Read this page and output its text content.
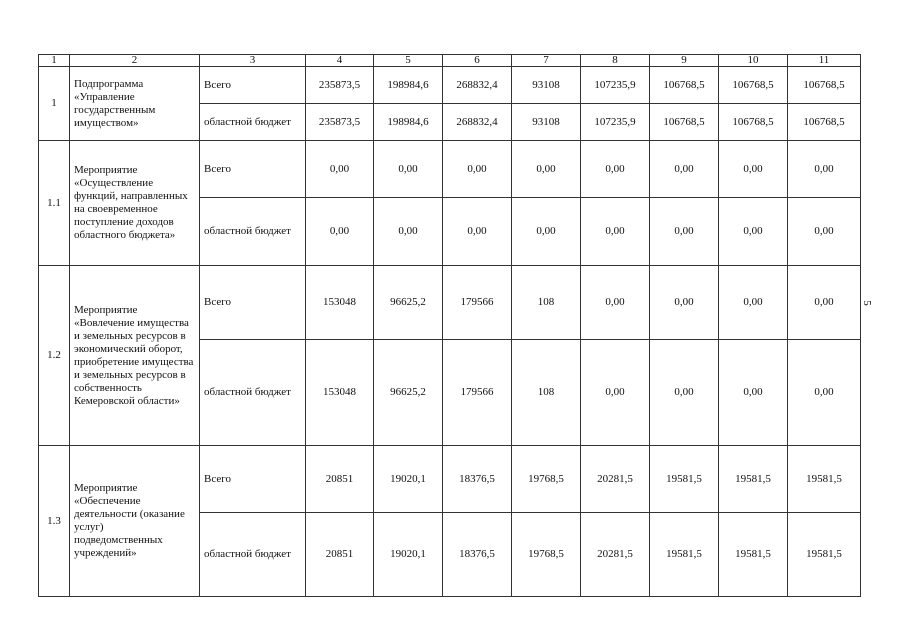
1	2	3	4	5	6	7	8	9	10	11
1	Подпрограмма «Управление государственным имуществом»	Всего	235873,5	198984,6	268832,4	93108	107235,9	106768,5	106768,5	106768,5
		областной бюджет	235873,5	198984,6	268832,4	93108	107235,9	106768,5	106768,5	106768,5
1.1	Мероприятие «Осуществление функций, направленных на своевременное поступление доходов областного бюджета»	Всего	0,00	0,00	0,00	0,00	0,00	0,00	0,00	0,00
		областной бюджет	0,00	0,00	0,00	0,00	0,00	0,00	0,00	0,00
1.2	Мероприятие «Вовлечение имущества и земельных ресурсов в экономический оборот, приобретение имущества и земельных ресурсов в собственность Кемеровской области»	Всего	153048	96625,2	179566	108	0,00	0,00	0,00	0,00
		областной бюджет	153048	96625,2	179566	108	0,00	0,00	0,00	0,00
1.3	Мероприятие «Обеспечение деятельности (оказание услуг) подведомственных учреждений»	Всего	20851	19020,1	18376,5	19768,5	20281,5	19581,5	19581,5	19581,5
		областной бюджет	20851	19020,1	18376,5	19768,5	20281,5	19581,5	19581,5	19581,5
5
